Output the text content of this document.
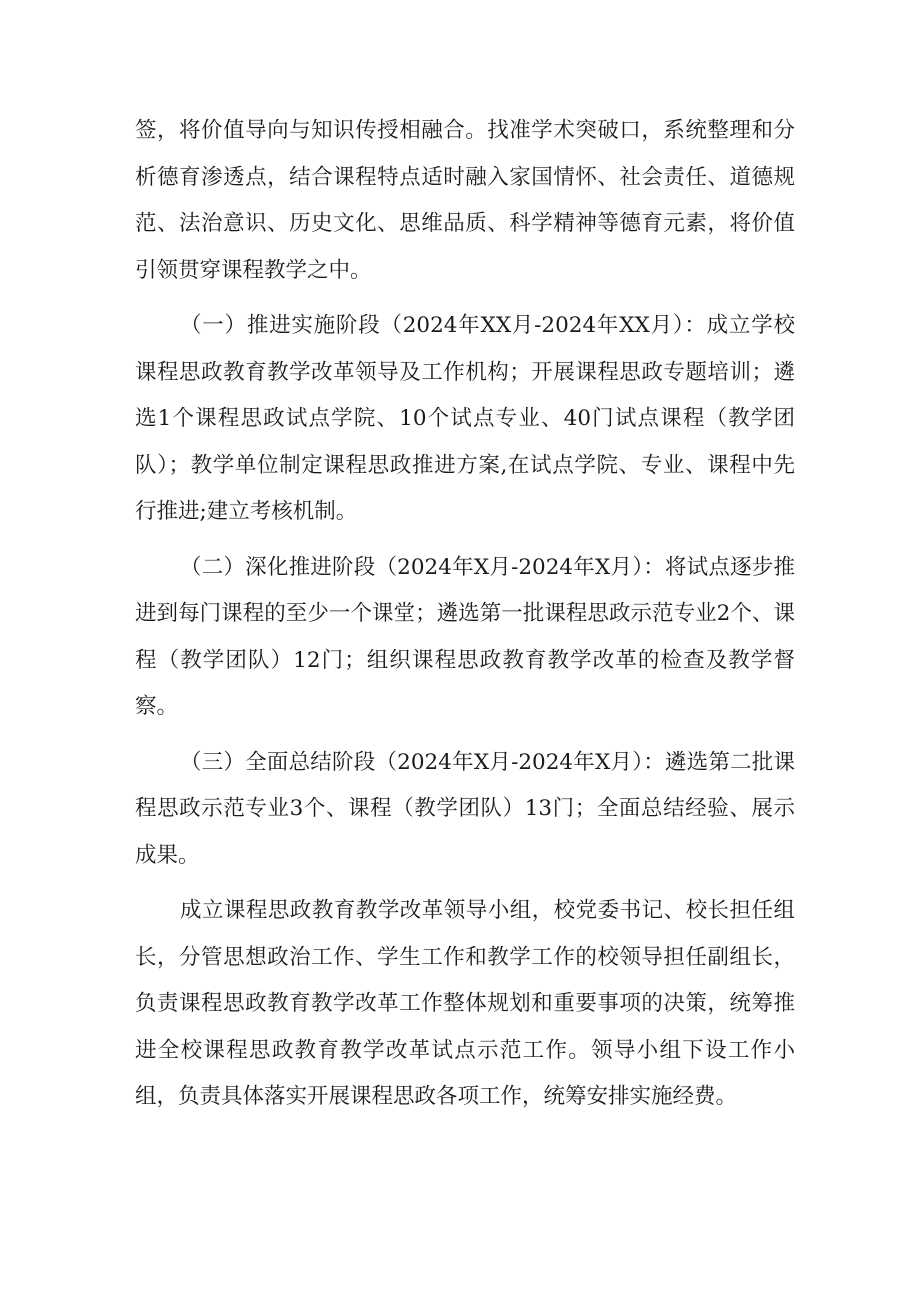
签，将价值导向与知识传授相融合。找准学术突破口，系统整理和分析德育渗透点，结合课程特点适时融入家国情怀、社会责任、道德规范、法治意识、历史文化、思维品质、科学精神等德育元素，将价值引领贯穿课程教学之中。

（一）推进实施阶段（2024年XX月-2024年XX月）：成立学校课程思政教育教学改革领导及工作机构；开展课程思政专题培训；遴选1个课程思政试点学院、10个试点专业、40门试点课程（教学团队）；教学单位制定课程思政推进方案,在试点学院、专业、课程中先行推进;建立考核机制。

（二）深化推进阶段（2024年X月-2024年X月）：将试点逐步推进到每门课程的至少一个课堂；遴选第一批课程思政示范专业2个、课程（教学团队）12门；组织课程思政教育教学改革的检查及教学督察。

（三）全面总结阶段（2024年X月-2024年X月）：遴选第二批课程思政示范专业3个、课程（教学团队）13门；全面总结经验、展示成果。

成立课程思政教育教学改革领导小组，校党委书记、校长担任组长，分管思想政治工作、学生工作和教学工作的校领导担任副组长，负责课程思政教育教学改革工作整体规划和重要事项的决策，统筹推进全校课程思政教育教学改革试点示范工作。领导小组下设工作小组，负责具体落实开展课程思政各项工作，统筹安排实施经费。
